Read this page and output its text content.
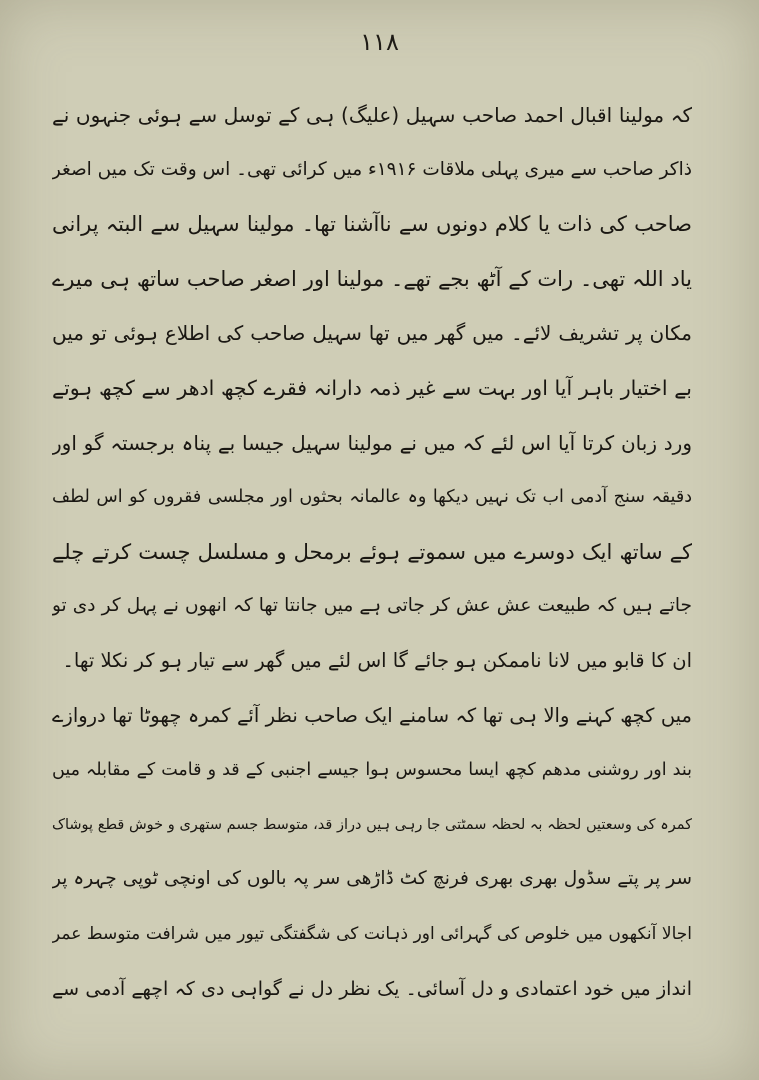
۱۱۸
کہ مولینا اقبال احمد صاحب سہیل (علیگ) ہی کے توسل سے ہوئی جنہوں نے
ذاکر صاحب سے میری پہلی ملاقات ۱۹۱۶ء میں کرائی تھی۔ اس وقت تک میں اصغر
صاحب کی ذات یا کلام دونوں سے ناآشنا تھا۔ مولینا سہیل سے البتہ پرانی
یاد اللہ تھی۔ رات کے آٹھ بجے تھے۔ مولینا اور اصغر صاحب ساتھ ہی میرے
مکان پر تشریف لائے۔ میں گھر میں تھا سہیل صاحب کی اطلاع ہوئی تو میں
بے اختیار باہر آیا اور بہت سے غیر ذمہ دارانہ فقرے کچھ ادھر سے کچھ ہوتے
ورد زبان کرتا آیا اس لئے کہ میں نے مولینا سہیل جیسا بے پناہ برجستہ گو اور
دقیقہ سنج آدمی اب تک نہیں دیکھا وہ عالمانہ بحثوں اور مجلسی فقروں کو اس لطف
کے ساتھ ایک دوسرے میں سموتے ہوئے برمحل و مسلسل چست کرتے چلے
جاتے ہیں کہ طبیعت عش عش کر جاتی ہے میں جانتا تھا کہ انھوں نے پہل کر دی تو
ان کا قابو میں لانا ناممکن ہو جائے گا اس لئے میں گھر سے تیار ہو کر نکلا تھا۔
میں کچھ کہنے والا ہی تھا کہ سامنے ایک صاحب نظر آئے کمرہ چھوٹا تھا دروازے
بند اور روشنی مدھم کچھ ایسا محسوس ہوا جیسے اجنبی کے قد و قامت کے مقابلہ میں
کمرہ کی وسعتیں لحظہ بہ لحظہ سمٹتی جا رہی ہیں دراز قد، متوسط جسم ستھری و خوش قطع پوشاک
سر پر پتے سڈول بھری بھری فرنچ کٹ ڈاڑھی سر پہ بالوں کی اونچی ٹوپی چہرہ پر
اجالا آنکھوں میں خلوص کی گہرائی اور ذہانت کی شگفتگی تیور میں شرافت متوسط عمر
انداز میں خود اعتمادی و دل آسائی۔ یک نظر دل نے گواہی دی کہ اچھے آدمی سے
